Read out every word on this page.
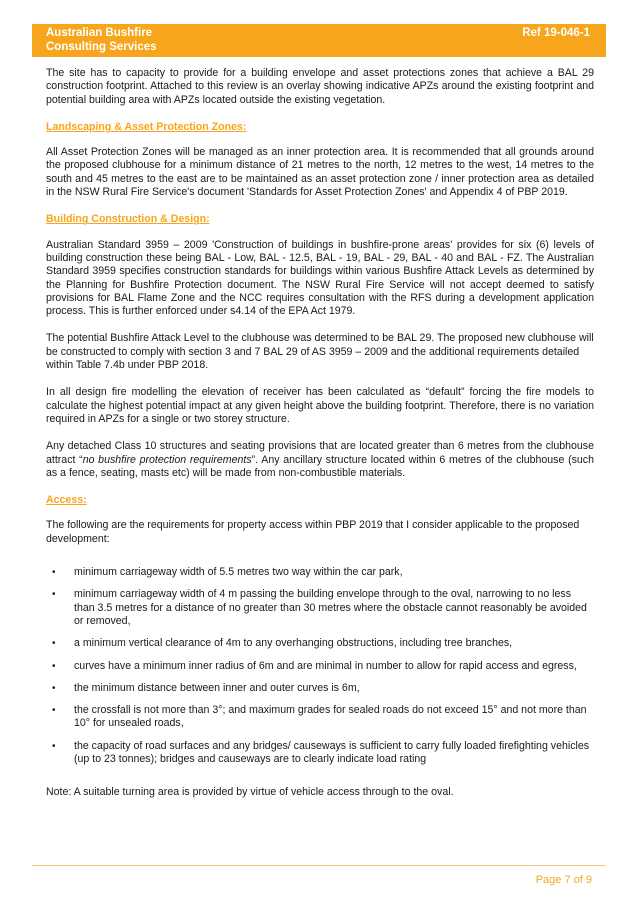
Australian Bushfire
Consulting Services
Ref 19-046-1

The site has to capacity to provide for a building envelope and asset protections zones that achieve a BAL 29 construction footprint. Attached to this review is an overlay showing indicative APZs around the existing footprint and potential building area with APZs located outside the existing vegetation.

Landscaping & Asset Protection Zones:

All Asset Protection Zones will be managed as an inner protection area. It is recommended that all grounds around the proposed clubhouse for a minimum distance of 21 metres to the north, 12 metres to the west, 14 metres to the south and 45 metres to the east are to be maintained as an asset protection zone / inner protection area as detailed in the NSW Rural Fire Service's document 'Standards for Asset Protection Zones' and Appendix 4 of PBP 2019.

Building Construction & Design:

Australian Standard 3959 – 2009 'Construction of buildings in bushfire-prone areas' provides for six (6) levels of building construction these being BAL - Low, BAL - 12.5, BAL - 19, BAL - 29, BAL - 40 and BAL - FZ. The Australian Standard 3959 specifies construction standards for buildings within various Bushfire Attack Levels as determined by the Planning for Bushfire Protection document. The NSW Rural Fire Service will not accept deemed to satisfy provisions for BAL Flame Zone and the NCC requires consultation with the RFS during a development application process. This is further enforced under s4.14 of the EPA Act 1979.

The potential Bushfire Attack Level to the clubhouse was determined to be BAL 29. The proposed new clubhouse will be constructed to comply with section 3 and 7 BAL 29 of AS 3959 – 2009 and the additional requirements detailed within Table 7.4b under PBP 2018.

In all design fire modelling the elevation of receiver has been calculated as “default” forcing the fire models to calculate the highest potential impact at any given height above the building footprint. Therefore, there is no variation required in APZs for a single or two storey structure.

Any detached Class 10 structures and seating provisions that are located greater than 6 metres from the clubhouse attract “no bushfire protection requirements”. Any ancillary structure located within 6 metres of the clubhouse (such as a fence, seating, masts etc) will be made from non-combustible materials.

Access:

The following are the requirements for property access within PBP 2019 that I consider applicable to the proposed development:

• minimum carriageway width of 5.5 metres two way within the car park,
• minimum carriageway width of 4 m passing the building envelope through to the oval, narrowing to no less than 3.5 metres for a distance of no greater than 30 metres where the obstacle cannot reasonably be avoided or removed,
• a minimum vertical clearance of 4m to any overhanging obstructions, including tree branches,
• curves have a minimum inner radius of 6m and are minimal in number to allow for rapid access and egress,
• the minimum distance between inner and outer curves is 6m,
• the crossfall is not more than 3°; and maximum grades for sealed roads do not exceed 15° and not more than 10° for unsealed roads,
• the capacity of road surfaces and any bridges/ causeways is sufficient to carry fully loaded firefighting vehicles (up to 23 tonnes); bridges and causeways are to clearly indicate load rating

Note: A suitable turning area is provided by virtue of vehicle access through to the oval.

Page 7 of 9
